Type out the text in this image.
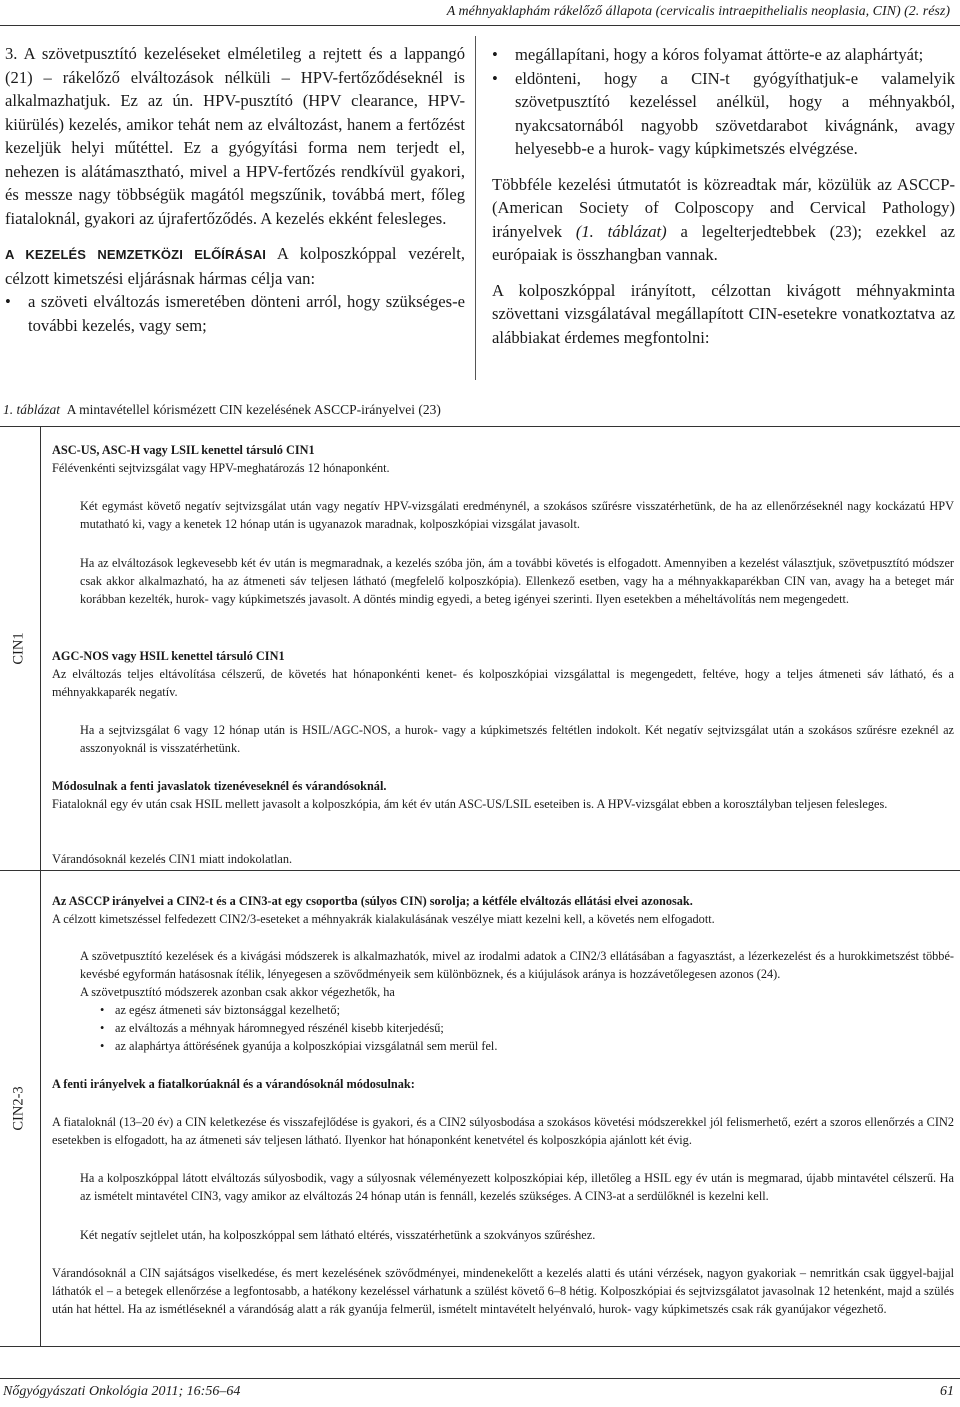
A méhnyaklaphám rákelőző állapota (cervicalis intraepithelialis neoplasia, CIN) (2. rész)

3. A szövetpusztító kezeléseket elméletileg a rejtett és a lappangó (21) – rákelőző elváltozások nélküli – HPV-fertőződéseknél is alkalmazhatjuk. Ez az ún. HPV-pusztító (HPV clearance, HPV-kiürülés) kezelés, amikor tehát nem az elváltozást, hanem a fertőzést kezeljük helyi műtéttel. Ez a gyógyítási forma nem terjedt el, nehezen is alátámasztható, mivel a HPV-fertőzés rendkívül gyakori, és messze nagy többségük magától megszűnik, továbbá mert, főleg fiataloknál, gyakori az újrafertőződés. A kezelés ekként felesleges.

A KEZELÉS NEMZETKÖZI ELŐÍRÁSAI A kolposzkóppal vezérelt, célzott kimetszési eljárásnak hármas célja van:

• a szöveti elváltozás ismeretében dönteni arról, hogy szükséges-e további kezelés, vagy sem;

• megállapítani, hogy a kóros folyamat áttörte-e az alaphártyát;

• eldönteni, hogy a CIN-t gyógyíthatjuk-e valamelyik szövetpusztító kezeléssel anélkül, hogy a méhnyakból, nyakcsatornából nagyobb szövetdarabot kivágnánk, avagy helyesebb-e a hurok- vagy kúpkimetszés elvégzése.

Többféle kezelési útmutatót is közreadtak már, közülük az ASCCP- (American Society of Colposcopy and Cervical Pathology) irányelvek (1. táblázat) a legelterjedtebbek (23); ezekkel az európaiak is összhangban vannak.

A kolposzkóppal irányított, célzottan kivágott méhnyakminta szövettani vizsgálatával megállapított CIN-esetekre vonatkoztatva az alábbiakat érdemes megfontolni:

1. táblázat A mintavétellel kórismézett CIN kezelésének ASCCP-irányelvei (23)
CIN1
CIN2-3

ASC-US, ASC-H vagy LSIL kenettel társuló CIN1

Félévenkénti sejtvizsgálat vagy HPV-meghatározás 12 hónaponként.

Két egymást követő negatív sejtvizsgálat után vagy negatív HPV-vizsgálati eredménynél, a szokásos szűrésre visszatérhetünk, de ha az ellenőrzéseknél nagy kockázatú HPV mutatható ki, vagy a kenetek 12 hónap után is ugyanazok maradnak, kolposzkópiai vizsgálat javasolt.
Ha az elváltozások legkevesebb két év után is megmaradnak, a kezelés szóba jön, ám a további követés is elfogadott. Amennyiben a kezelést választjuk, szövetpusztító módszer csak akkor alkalmazható, ha az átmeneti sáv teljesen látható (megfelelő kolposzkópia). Ellenkező esetben, vagy ha a méhnyakkaparékban CIN van, avagy ha a beteget már korábban kezelték, hurok- vagy kúpkimetszés javasolt. A döntés mindig egyedi, a beteg igényei szerinti. Ilyen esetekben a méheltávolítás nem megengedett.

AGC-NOS vagy HSIL kenettel társuló CIN1

Az elváltozás teljes eltávolítása célszerű, de követés hat hónaponkénti kenet- és kolposzkópiai vizsgálattal is megengedett, feltéve, hogy a teljes átmeneti sáv látható, és a méhnyakkaparék negatív.

Ha a sejtvizsgálat 6 vagy 12 hónap után is HSIL/AGC-NOS, a hurok- vagy a kúpkimetszés feltétlen indokolt. Két negatív sejtvizsgálat után a szokásos szűrésre ezeknél az asszonyoknál is visszatérhetünk.

Módosulnak a fenti javaslatok tizenéveseknél és várandósoknál.

Fiataloknál egy év után csak HSIL mellett javasolt a kolposzkópia, ám két év után ASC-US/LSIL eseteiben is. A HPV-vizsgálat ebben a korosztályban teljesen felesleges.

Várandósoknál kezelés CIN1 miatt indokolatlan.

Az ASCCP irányelvei a CIN2-t és a CIN3-at egy csoportba (súlyos CIN) sorolja; a kétféle elváltozás ellátási elvei azonosak.

A célzott kimetszéssel felfedezett CIN2/3-eseteket a méhnyakrák kialakulásának veszélye miatt kezelni kell, a követés nem elfogadott.

A szövetpusztító kezelések és a kivágási módszerek is alkalmazhatók, mivel az irodalmi adatok a CIN2/3 ellátásában a fagyasztást, a lézerkezelést és a hurokkimetszést többé-kevésbé egyformán hatásosnak ítélik, lényegesen a szövődményeik sem különböznek, és a kiújulások aránya is hozzávetőlegesen azonos (24).

A szövetpusztító módszerek azonban csak akkor végezhetők, ha

• az egész átmeneti sáv biztonsággal kezelhető;
• az elváltozás a méhnyak háromnegyed részénél kisebb kiterjedésű;
• az alaphártya áttörésének gyanúja a kolposzkópiai vizsgálatnál sem merül fel.
A fenti irányelvek a fiatalkorúaknál és a várandósoknál módosulnak:
A fiataloknál (13–20 év) a CIN keletkezése és visszafejlődése is gyakori, és a CIN2 súlyosbodása a szokásos követési módszerekkel jól felismerhető, ezért a szoros ellenőrzés a CIN2 esetekben is elfogadott, ha az átmeneti sáv teljesen látható. Ilyenkor hat hónaponként kenetvétel és kolposzkópia ajánlott két évig.
Ha a kolposzkóppal látott elváltozás súlyosbodik, vagy a súlyosnak véleményezett kolposzkópiai kép, illetőleg a HSIL egy év után is megmarad, újabb mintavétel célszerű. Ha az ismételt mintavétel CIN3, vagy amikor az elváltozás 24 hónap után is fennáll, kezelés szükséges. A CIN3-at a serdülőknél is kezelni kell.
Két negatív sejtlelet után, ha kolposzkóppal sem látható eltérés, visszatérhetünk a szokványos szűréshez.
Várandósoknál a CIN sajátságos viselkedése, és mert kezelésének szövődményei, mindenekelőtt a kezelés alatti és utáni vérzések, nagyon gyakoriak – nemritkán csak üggyel-bajjal láthatók el – a betegek ellenőrzése a legfontosabb, a hatékony kezeléssel várhatunk a szülést követő 6–8 hétig. Kolposzkópiai és sejtvizsgálatot javasolnak 12 hetenként, majd a szülés után hat héttel. Ha az ismétléseknél a várandóság alatt a rák gyanúja felmerül, ismételt mintavételt helyénvaló, hurok- vagy kúpkimetszés csak rák gyanújakor végezhető.
Nőgyógyászati Onkológia 2011; 16:56–64	61
